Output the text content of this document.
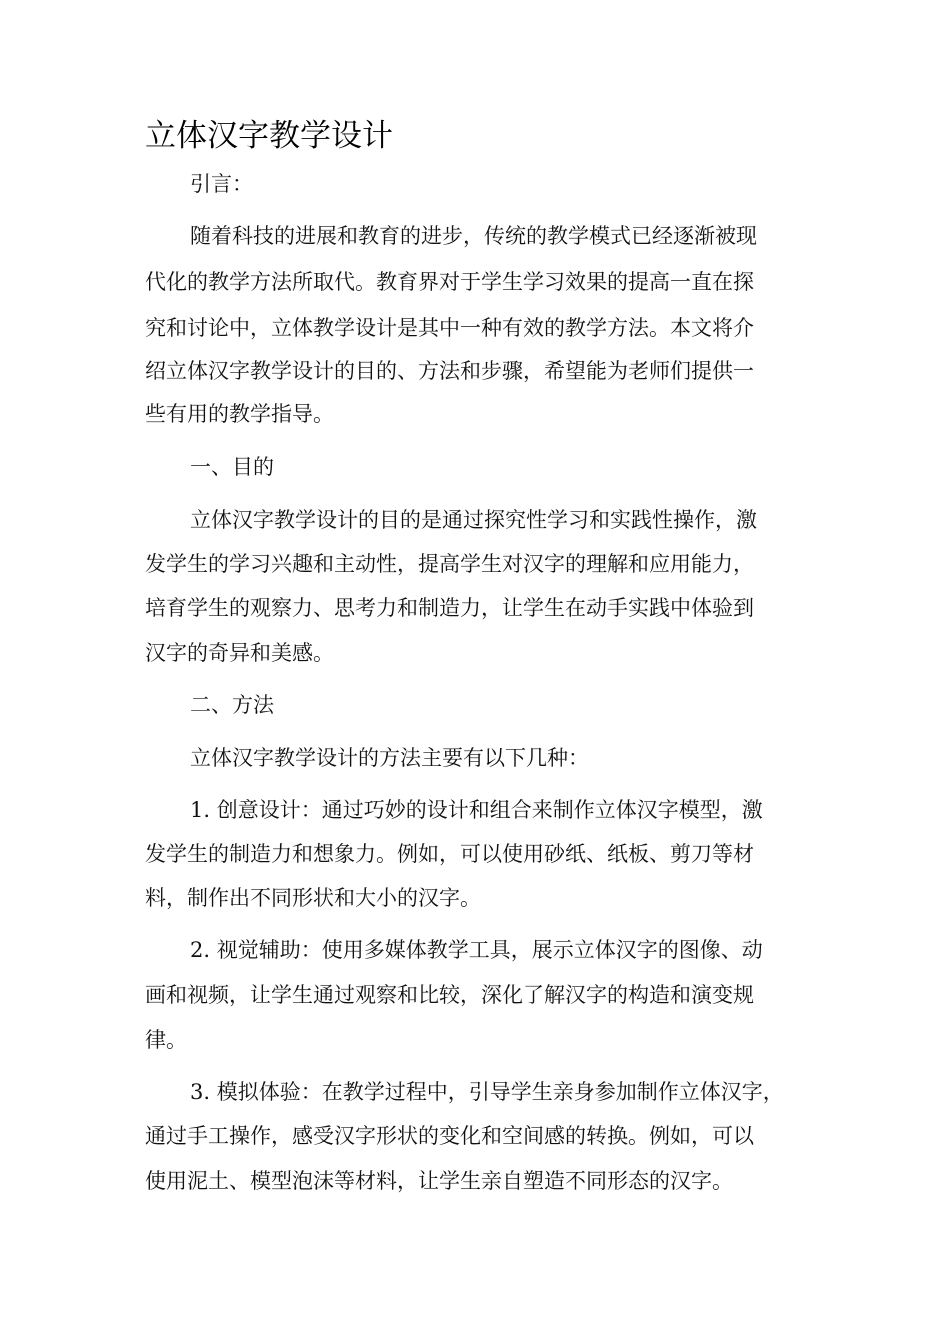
立体汉字教学设计

引言：

随着科技的进展和教育的进步，传统的教学模式已经逐渐被现

代化的教学方法所取代。教育界对于学生学习效果的提高一直在探

究和讨论中，立体教学设计是其中一种有效的教学方法。本文将介

绍立体汉字教学设计的目的、方法和步骤，希望能为老师们提供一

些有用的教学指导。

一、目的

立体汉字教学设计的目的是通过探究性学习和实践性操作，激

发学生的学习兴趣和主动性，提高学生对汉字的理解和应用能力，

培育学生的观察力、思考力和制造力，让学生在动手实践中体验到

汉字的奇异和美感。

二、方法

立体汉字教学设计的方法主要有以下几种：

1. 创意设计：通过巧妙的设计和组合来制作立体汉字模型，激

发学生的制造力和想象力。例如，可以使用砂纸、纸板、剪刀等材

料，制作出不同形状和大小的汉字。

2. 视觉辅助：使用多媒体教学工具，展示立体汉字的图像、动

画和视频，让学生通过观察和比较，深化了解汉字的构造和演变规

律。

3. 模拟体验：在教学过程中，引导学生亲身参加制作立体汉字，

通过手工操作，感受汉字形状的变化和空间感的转换。例如，可以

使用泥土、模型泡沫等材料，让学生亲自塑造不同形态的汉字。
